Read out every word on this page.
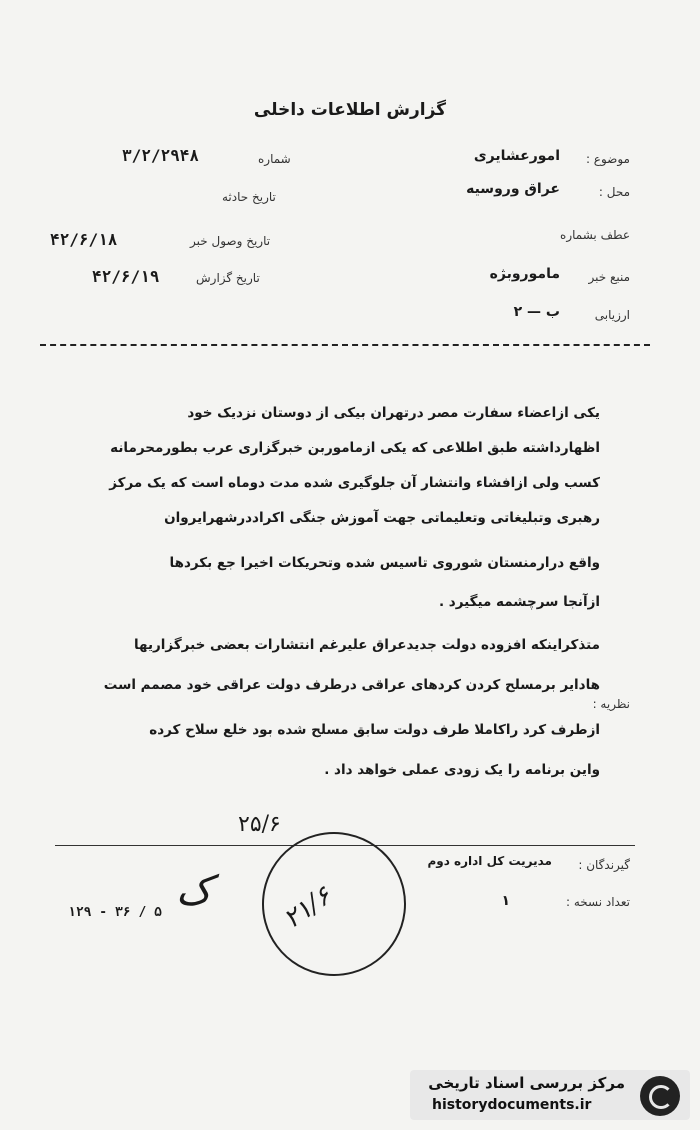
گزارش اطلاعات داخلی
موضوع :
امورعشایری
محل :
عراق وروسیه
عطف بشماره
منبع خبر
ماموروبژه
ارزیابی
ب — ۲
شماره
۳/۲/۲۹۴۸
تاریخ حادثه
تاریخ وصول خبر
۴۲/۶/۱۸
تاریخ گزارش
۴۲/۶/۱۹
یکی ازاعضاء سفارت مصر درتهران بیکی از دوستان نزدیک خود
اظهارداشته طبق اطلاعی که یکی ازماموربن خبرگزاری عرب بطورمحرمانه
کسب ولی ازافشاء وانتشار آن جلوگیری شده مدت دوماه است که یک مرکز
رهبری وتبلیغاتی وتعلیماتی جهت آموزش جنگی اکراددرشهرایروان
واقع درارمنستان شوروی تاسیس شده وتحریکات اخیرا جع بکردها
ازآنجا سرچشمه میگیرد .
متذکراینکه افزوده دولت جدیدعراق علیرغم انتشارات بعضی خبرگزاریها
هادایر برمسلح کردن کردهای عراقی درطرف دولت عراقی خود مصمم است
نظریه :
ازطرف کرد راکاملا طرف دولت سابق مسلح شده بود خلع سلاح کرده
واین برنامه را یک زودی عملی خواهد داد .
۲۵/۶
گیرندگان :
مدیریت کل اداره دوم
تعداد نسخه :
۱
۱۲۹ - ۳۶ / ۵ ک	۲۱/۶
مرکز بررسی اسناد تاریخی
historydocuments.ir
